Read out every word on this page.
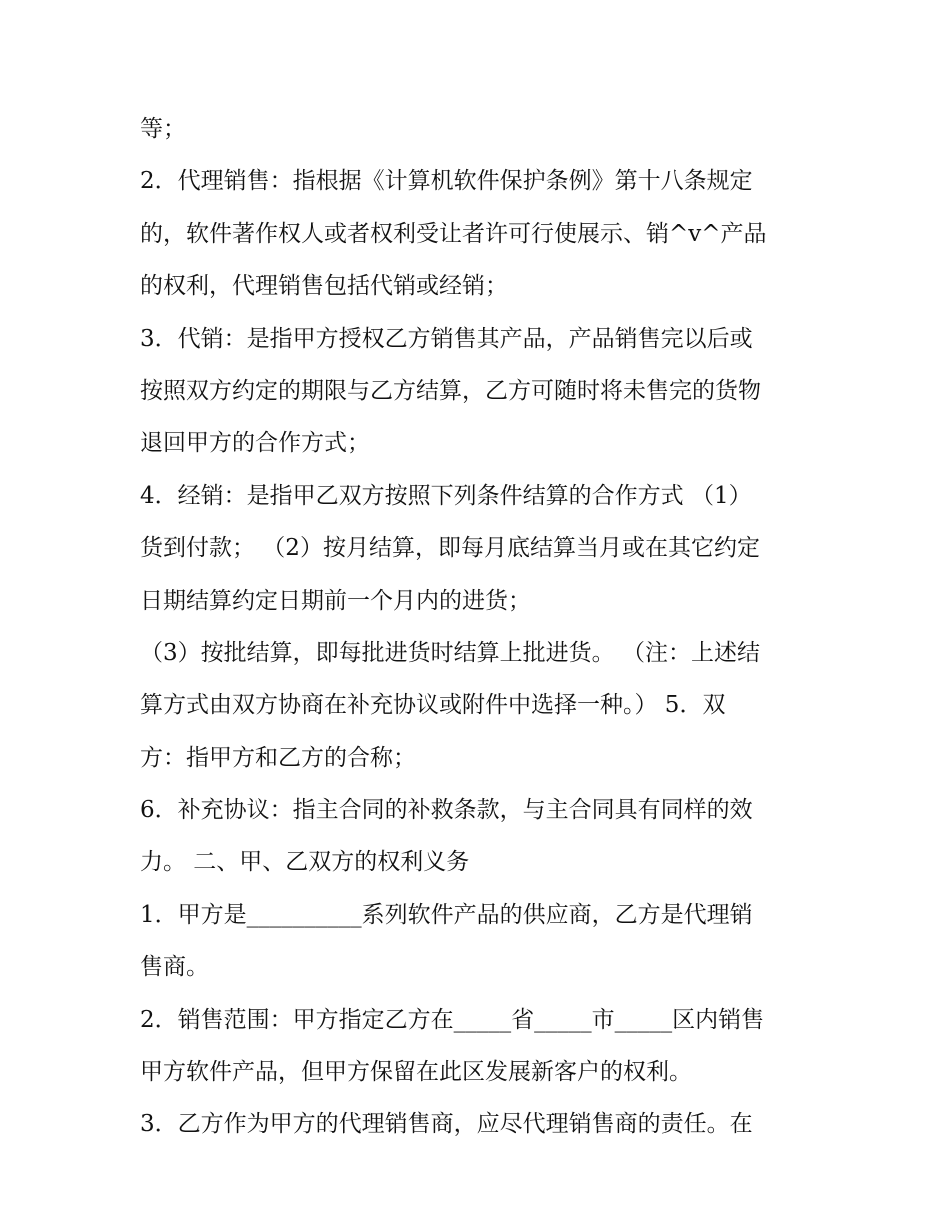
等；
2．代理销售：指根据《计算机软件保护条例》第十八条规定
的，软件著作权人或者权利受让者许可行使展示、销^v^产品
的权利，代理销售包括代销或经销；
3．代销：是指甲方授权乙方销售其产品，产品销售完以后或
按照双方约定的期限与乙方结算，乙方可随时将未售完的货物
退回甲方的合作方式；
4．经销：是指甲乙双方按照下列条件结算的合作方式 （1）
货到付款； （2）按月结算，即每月底结算当月或在其它约定
日期结算约定日期前一个月内的进货；
（3）按批结算，即每批进货时结算上批进货。 （注：上述结
算方式由双方协商在补充协议或附件中选择一种。） 5．双
方：指甲方和乙方的合称；
6．补充协议：指主合同的补救条款，与主合同具有同样的效
力。 二、甲、乙双方的权利义务
1．甲方是__________系列软件产品的供应商，乙方是代理销
售商。
2．销售范围：甲方指定乙方在_____省_____市_____区内销售
甲方软件产品，但甲方保留在此区发展新客户的权利。
3．乙方作为甲方的代理销售商，应尽代理销售商的责任。在
